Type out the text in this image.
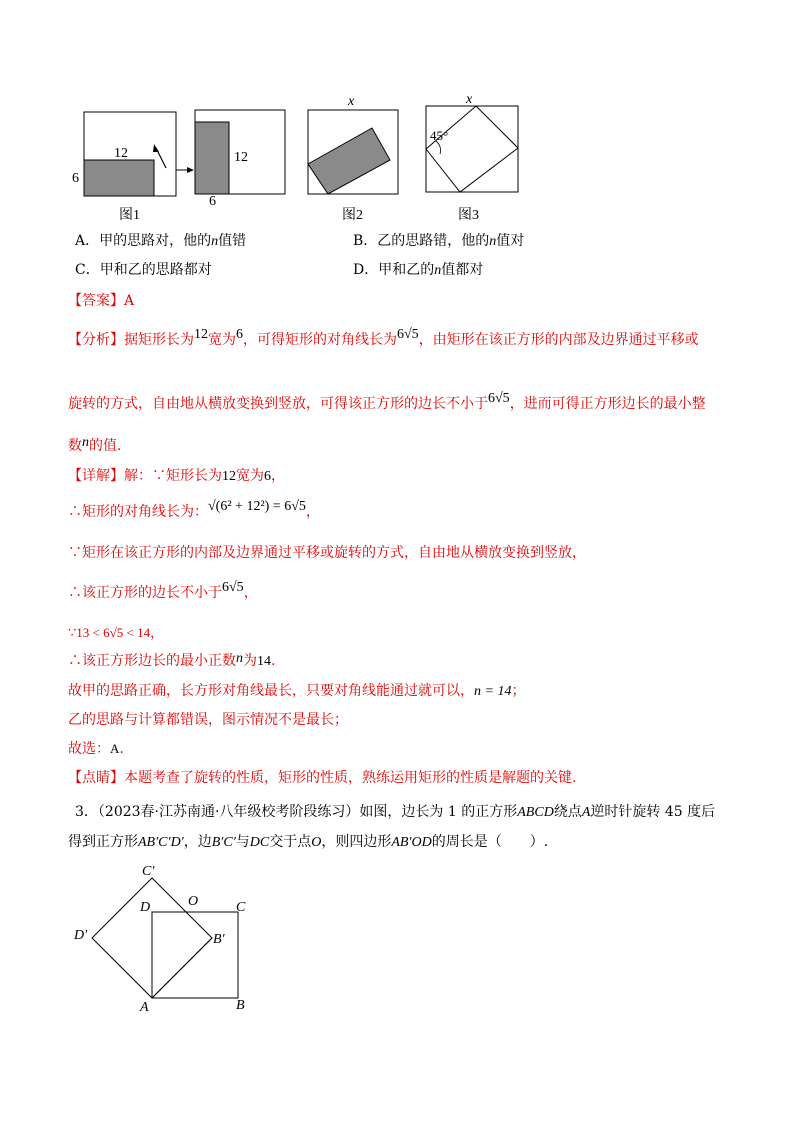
12
6
12
6
图1
x
图2
x
45°
图3
A．甲的思路对，他的n值错	B．乙的思路错，他的n值对
C．甲和乙的思路都对	D．甲和乙的n值都对
【答案】A
【分析】据矩形长为12宽为6，可得矩形的对角线长为6√5，由矩形在该正方形的内部及边界通过平移或
旋转的方式，自由地从横放变换到竖放，可得该正方形的边长不小于6√5，进而可得正方形边长的最小整
数n的值.
【详解】解：∵矩形长为12宽为6，
∴矩形的对角线长为：√(6² + 12²) = 6√5，
∵矩形在该正方形的内部及边界通过平移或旋转的方式，自由地从横放变换到竖放，
∴该正方形的边长不小于6√5，
∵13 < 6√5 < 14，
∴该正方形边长的最小正数n为14.
故甲的思路正确，长方形对角线最长，只要对角线能通过就可以，n = 14；
乙的思路与计算都错误，图示情况不是最长；
故选：A.
【点睛】本题考查了旋转的性质，矩形的性质，熟练运用矩形的性质是解题的关键.
3．（2023春·江苏南通·八年级校考阶段练习）如图，边长为 1 的正方形ABCD绕点A逆时针旋转 45 度后
得到正方形AB′C′D′，边B′C′与DC交于点O，则四边形AB′OD的周长是（　　）.
C′
D′	B′
D	O	C
A	B
